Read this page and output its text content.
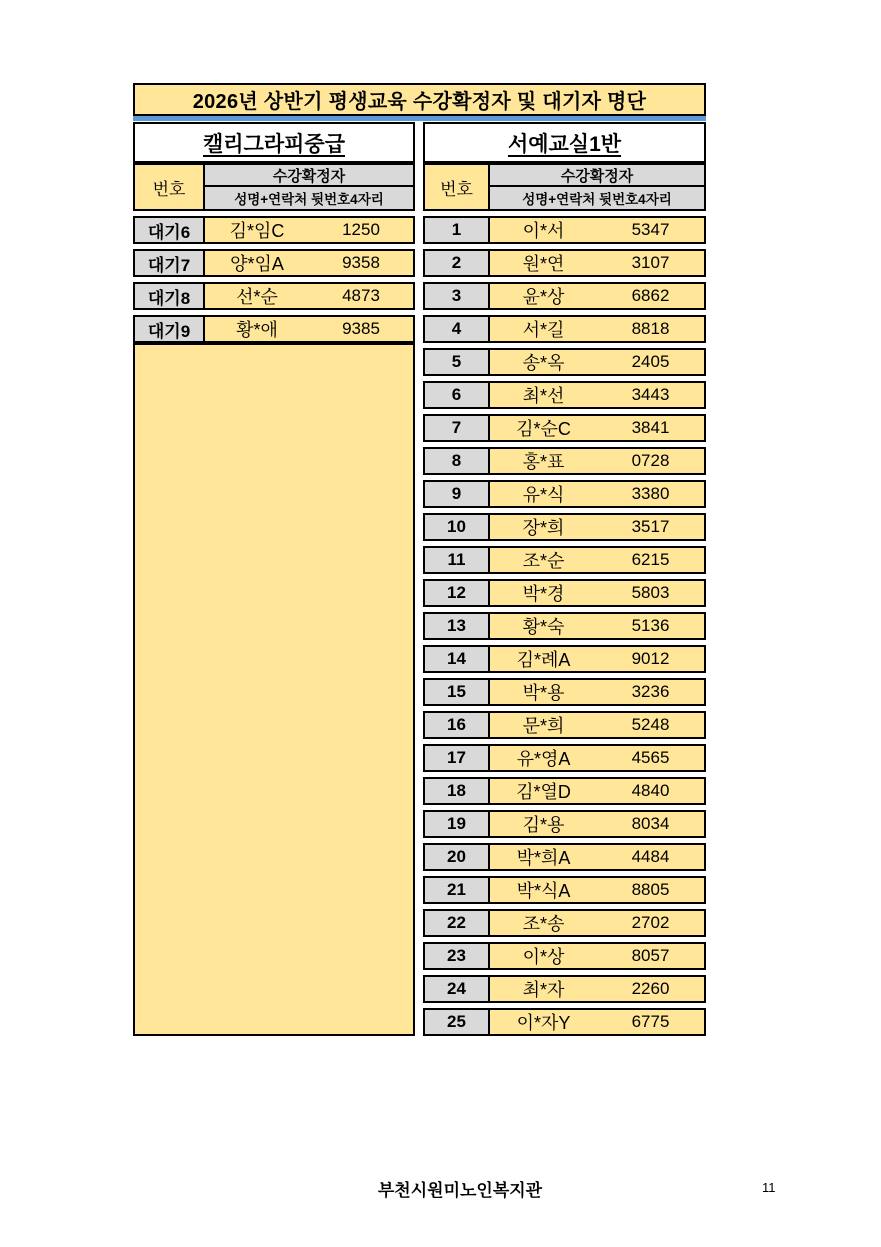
2026년 상반기 평생교육 수강확정자 및 대기자 명단
캘리그라피중급
번호
수강확정자
성명+연락처 뒷번호4자리
대기6	김*임C	1250
대기7	양*임A	9358
대기8	선*순	4873
대기9	황*애	9385
서예교실1반
번호
수강확정자
성명+연락처 뒷번호4자리
1	이*서	5347
2	원*연	3107
3	윤*상	6862
4	서*길	8818
5	송*옥	2405
6	최*선	3443
7	김*순C	3841
8	홍*표	0728
9	유*식	3380
10	장*희	3517
11	조*순	6215
12	박*경	5803
13	황*숙	5136
14	김*례A	9012
15	박*용	3236
16	문*희	5248
17	유*영A	4565
18	김*열D	4840
19	김*용	8034
20	박*희A	4484
21	박*식A	8805
22	조*송	2702
23	이*상	8057
24	최*자	2260
25	이*자Y	6775
부천시원미노인복지관	11
